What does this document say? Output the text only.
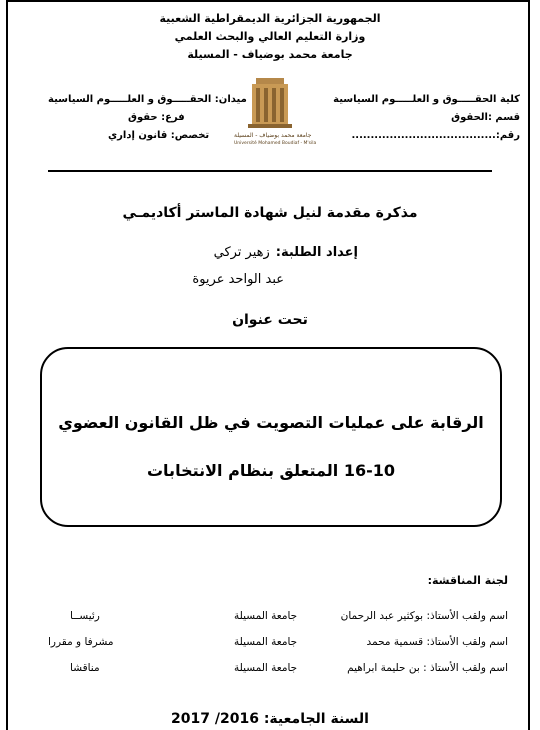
الجمهورية الجزائرية الديمقراطية الشعبية
وزارة التعليم العالي والبحث العلمي
جامعة محمد بوضياف - المسيلة
كلية الحقـــــوق و العلـــــوم السياسية
قسم :الحقوق
رقم:......................................
ميدان: الحقـــــوق و العلـــــوم السياسية
فرع: حقوق
تخصص: قانون إداري	جامعة محمد بوضياف - المسيلة
Université Mohamed Boudiaf - M'sila
مذكرة مقدمة لنيل شهادة الماستر أكاديمـي
إعداد الطلبة:
زهير تركي
عبد الواحد عريوة
تحت عنوان
الرقابة على عمليات التصويت في ظل القانون العضوي
16-10 المتعلق بنظام الانتخابات
لجنة المناقشة:
اسم ولقب الأستاذ: بوكثير عبد الرحمان
جامعة المسيلة
رئيســا
اسم ولقب الأستاذ: قسمية محمد
جامعة المسيلة
مشرفا و مقررا
اسم ولقب الأستاذ : بن حليمة ابراهيم
جامعة المسيلة
مناقشا
السنة الجامعية: 2016/ 2017
